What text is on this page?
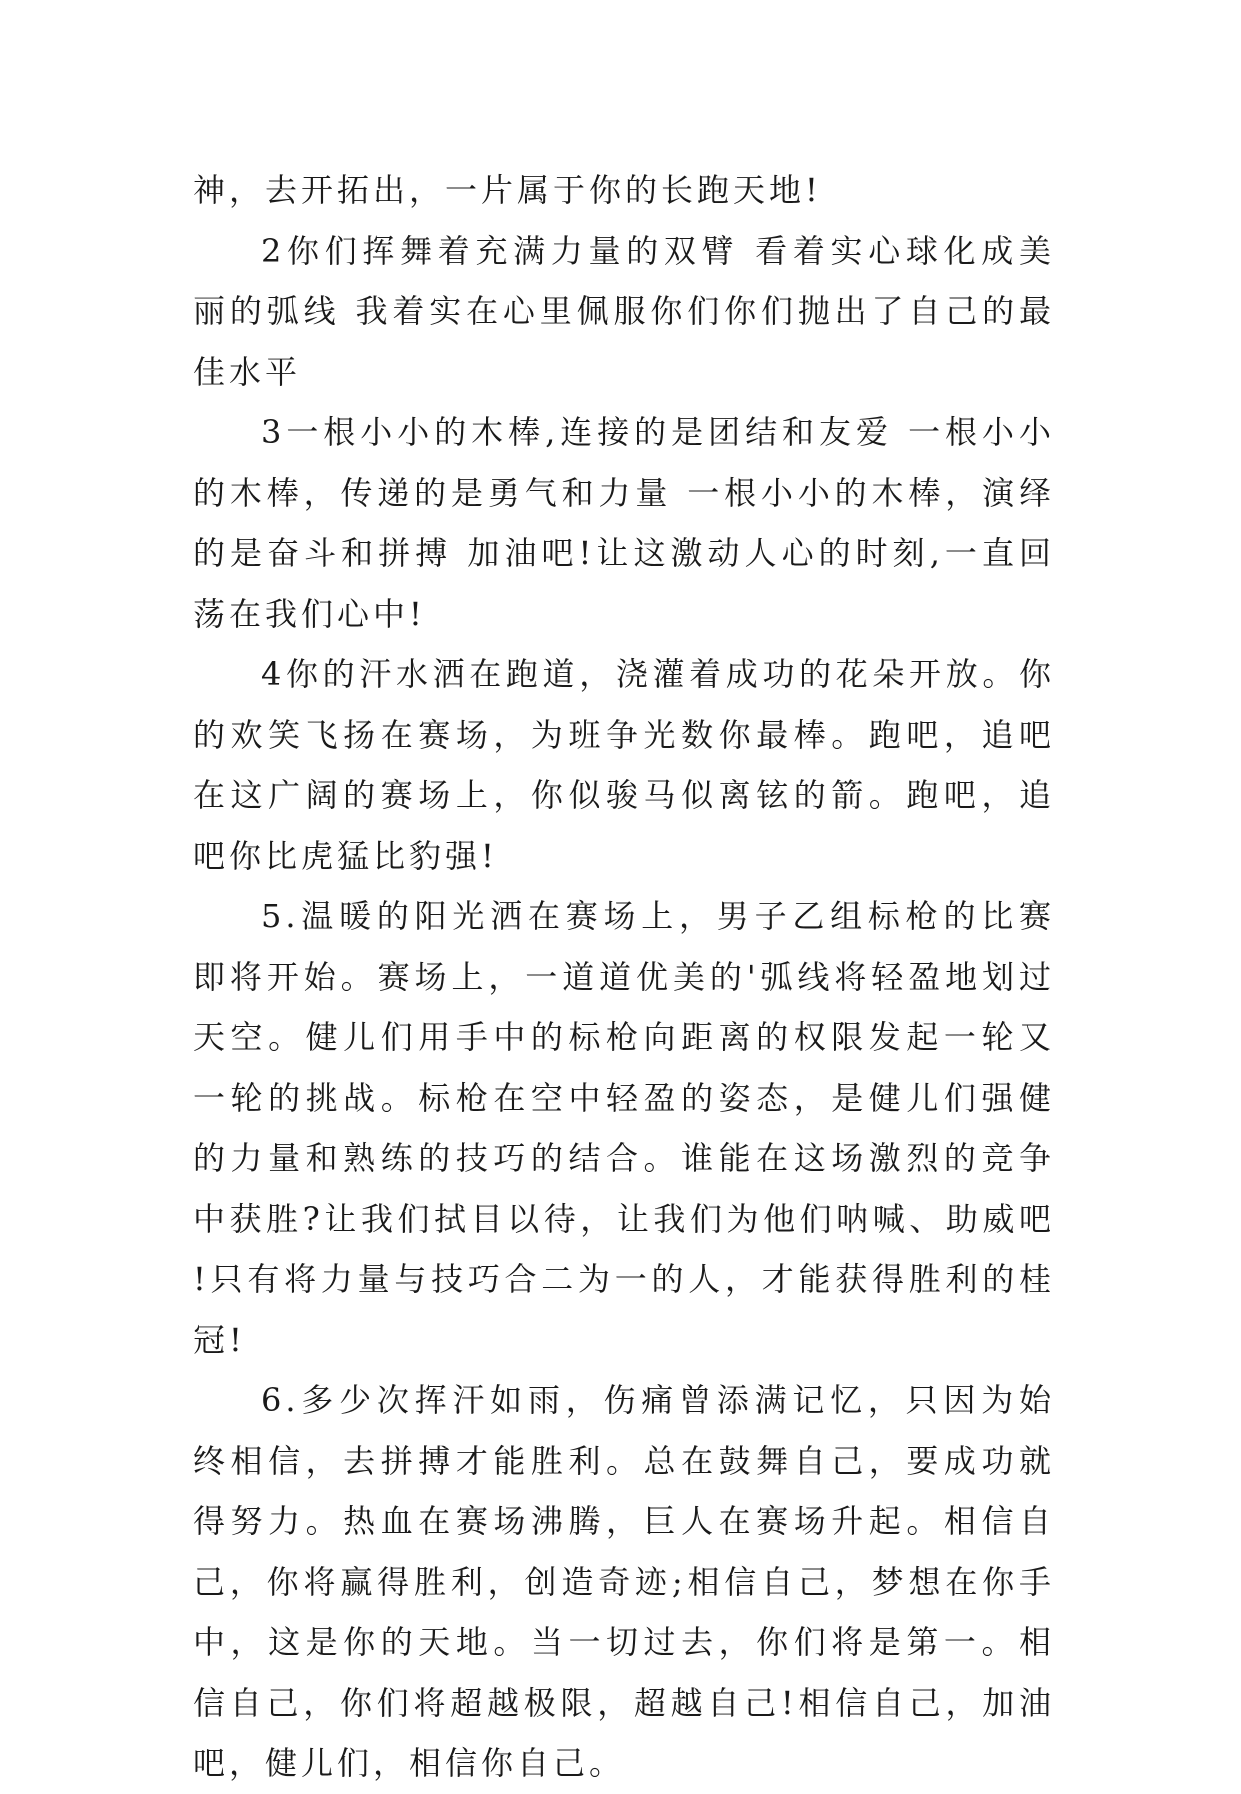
神，去开拓出，一片属于你的长跑天地!

2你们挥舞着充满力量的双臂 看着实心球化成美丽的弧线 我着实在心里佩服你们你们抛出了自己的最佳水平

3一根小小的木棒,连接的是团结和友爱 一根小小的木棒，传递的是勇气和力量 一根小小的木棒，演绎的是奋斗和拼搏 加油吧!让这激动人心的时刻,一直回荡在我们心中!

4你的汗水洒在跑道，浇灌着成功的花朵开放。你的欢笑飞扬在赛场，为班争光数你最棒。跑吧，追吧 在这广阔的赛场上，你似骏马似离铉的箭。跑吧，追吧你比虎猛比豹强!

5.温暖的阳光洒在赛场上，男子乙组标枪的比赛即将开始。赛场上，一道道优美的'弧线将轻盈地划过天空。健儿们用手中的标枪向距离的权限发起一轮又一轮的挑战。标枪在空中轻盈的姿态，是健儿们强健的力量和熟练的技巧的结合。谁能在这场激烈的竞争中获胜?让我们拭目以待，让我们为他们呐喊、助威吧!只有将力量与技巧合二为一的人，才能获得胜利的桂冠!

6.多少次挥汗如雨，伤痛曾添满记忆，只因为始终相信，去拼搏才能胜利。总在鼓舞自己，要成功就得努力。热血在赛场沸腾，巨人在赛场升起。相信自己，你将赢得胜利，创造奇迹;相信自己，梦想在你手中，这是你的天地。当一切过去，你们将是第一。相信自己，你们将超越极限，超越自己!相信自己，加油吧，健儿们，相信你自己。
